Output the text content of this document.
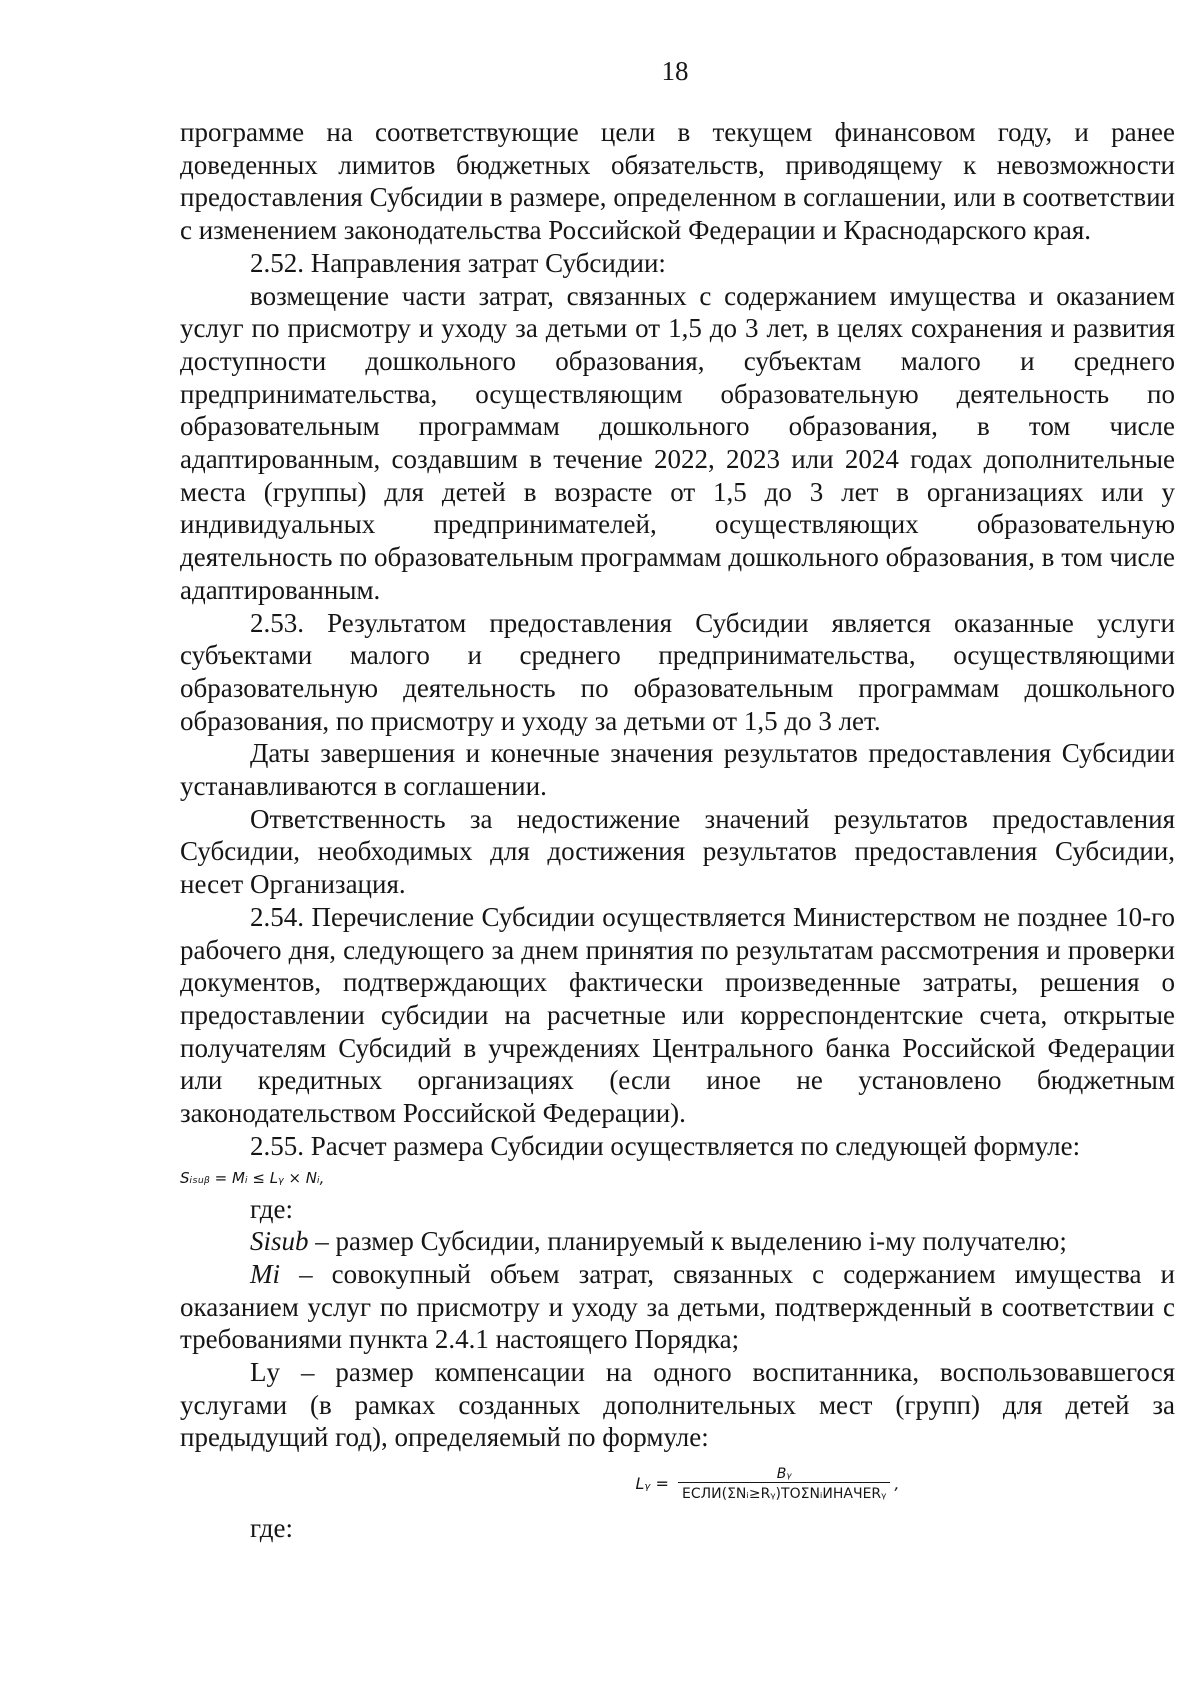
18

программе на соответствующие цели в текущем финансовом году, и ранее доведенных лимитов бюджетных обязательств, приводящему к невозможности предоставления Субсидии в размере, определенном в соглашении, или в соответствии с изменением законодательства Российской Федерации и Краснодарского края.

2.52. Направления затрат Субсидии:

возмещение части затрат, связанных с содержанием имущества и оказанием услуг по присмотру и уходу за детьми от 1,5 до 3 лет, в целях сохранения и развития доступности дошкольного образования, субъектам малого и среднего предпринимательства, осуществляющим образовательную деятельность по образовательным программам дошкольного образования, в том числе адаптированным, создавшим в течение 2022, 2023 или 2024 годах дополнительные места (группы) для детей в возрасте от 1,5 до 3 лет в организациях или у индивидуальных предпринимателей, осуществляющих образовательную деятельность по образовательным программам дошкольного образования, в том числе адаптированным.

2.53. Результатом предоставления Субсидии является оказанные услуги субъектами малого и среднего предпринимательства, осуществляющими образовательную деятельность по образовательным программам дошкольного образования, по присмотру и уходу за детьми от 1,5 до 3 лет.

Даты завершения и конечные значения результатов предоставления Субсидии устанавливаются в соглашении.

Ответственность за недостижение значений результатов предоставления Субсидии, необходимых для достижения результатов предоставления Субсидии, несет Организация.

2.54. Перечисление Субсидии осуществляется Министерством не позднее 10-го рабочего дня, следующего за днем принятия по результатам рассмотрения и проверки документов, подтверждающих фактически произведенные затраты, решения о предоставлении субсидии на расчетные или корреспондентские счета, открытые получателям Субсидий в учреждениях Центрального банка Российской Федерации или кредитных организациях (если иное не установлено бюджетным законодательством Российской Федерации).

2.55. Расчет размера Субсидии осуществляется по следующей формуле:

Sᵢₛᵤᵦ = Mᵢ ≤ Lᵧ × Nᵢ,

где:

Sisub – размер Субсидии, планируемый к выделению i-му получателю;

Mi – совокупный объем затрат, связанных с содержанием имущества и оказанием услуг по присмотру и уходу за детьми, подтвержденный в соответствии с требованиями пункта 2.4.1 настоящего Порядка;

Lу – размер компенсации на одного воспитанника, воспользовавшегося услугами (в рамках созданных дополнительных мест (групп) для детей за предыдущий год), определяемый по формуле:

Lᵧ = $\frac{\text{Bᵧ}}{\text{ЕСЛИ(ΣNᵢ≥Rᵧ)ТОΣNᵢИНАЧЕRᵧ}}$ ,

где:
